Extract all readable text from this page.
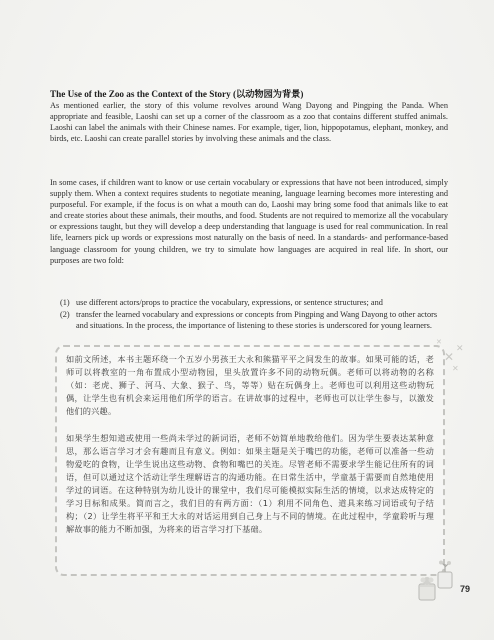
The Use of the Zoo as the Context of the Story (以动物园为背景)
As mentioned earlier, the story of this volume revolves around Wang Dayong and Pingping the Panda. When appropriate and feasible, Laoshi can set up a corner of the classroom as a zoo that contains different stuffed animals. Laoshi can label the animals with their Chinese names. For example, tiger, lion, hippopotamus, elephant, monkey, and birds, etc. Laoshi can create parallel stories by involving these animals and the class.
In some cases, if children want to know or use certain vocabulary or expressions that have not been introduced, simply supply them. When a context requires students to negotiate meaning, language learning becomes more interesting and purposeful. For example, if the focus is on what a mouth can do, Laoshi may bring some food that animals like to eat and create stories about these animals, their mouths, and food. Students are not required to memorize all the vocabulary or expressions taught, but they will develop a deep understanding that language is used for real communication. In real life, learners pick up words or expressions most naturally on the basis of need. In a standards- and performance-based language classroom for young children, we try to simulate how languages are acquired in real life. In short, our purposes are two fold:
(1) use different actors/props to practice the vocabulary, expressions, or sentence structures; and
(2) transfer the learned vocabulary and expressions or concepts from Pingping and Wang Dayong to other actors and situations. In the process, the importance of listening to these stories is underscored for young learners.
如前文所述，本书主题环绕一个五岁小男孩王大永和熊猫平平之间发生的故事。如果可能的话，老师可以将教室的一角布置成小型动物园，里头放置许多不同的动物玩偶。老师可以将动物的名称（如：老虎、狮子、河马、大象、猴子、鸟，等等）贴在玩偶身上。老师也可以利用这些动物玩偶，让学生也有机会来运用他们所学的语言。在讲故事的过程中，老师也可以让学生参与，以激发他们的兴趣。
如果学生想知道或使用一些尚未学过的新词语，老师不妨简单地教给他们。因为学生要表达某种意思，那么语言学习才会有趣而且有意义。例如：如果主题是关于嘴巴的功能，老师可以准备一些动物爱吃的食物，让学生说出这些动物、食物和嘴巴的关连。尽管老师不需要求学生能记住所有的词语，但可以通过这个活动让学生理解语言的沟通功能。在日常生活中，学童基于需要而自然地使用学过的词语。在这种特别为幼儿设计的课堂中，我们尽可能模拟实际生活的情境，以求达成特定的学习目标和成果。简而言之，我们目的有两方面：（1）利用不同角色、道具来练习词语或句子结构；（2）让学生将平平和王大永的对话运用到自己身上与不同的情境。在此过程中，学童聆听与理解故事的能力不断加强，为将来的语言学习打下基础。
✕
✕
✕
✕
79
